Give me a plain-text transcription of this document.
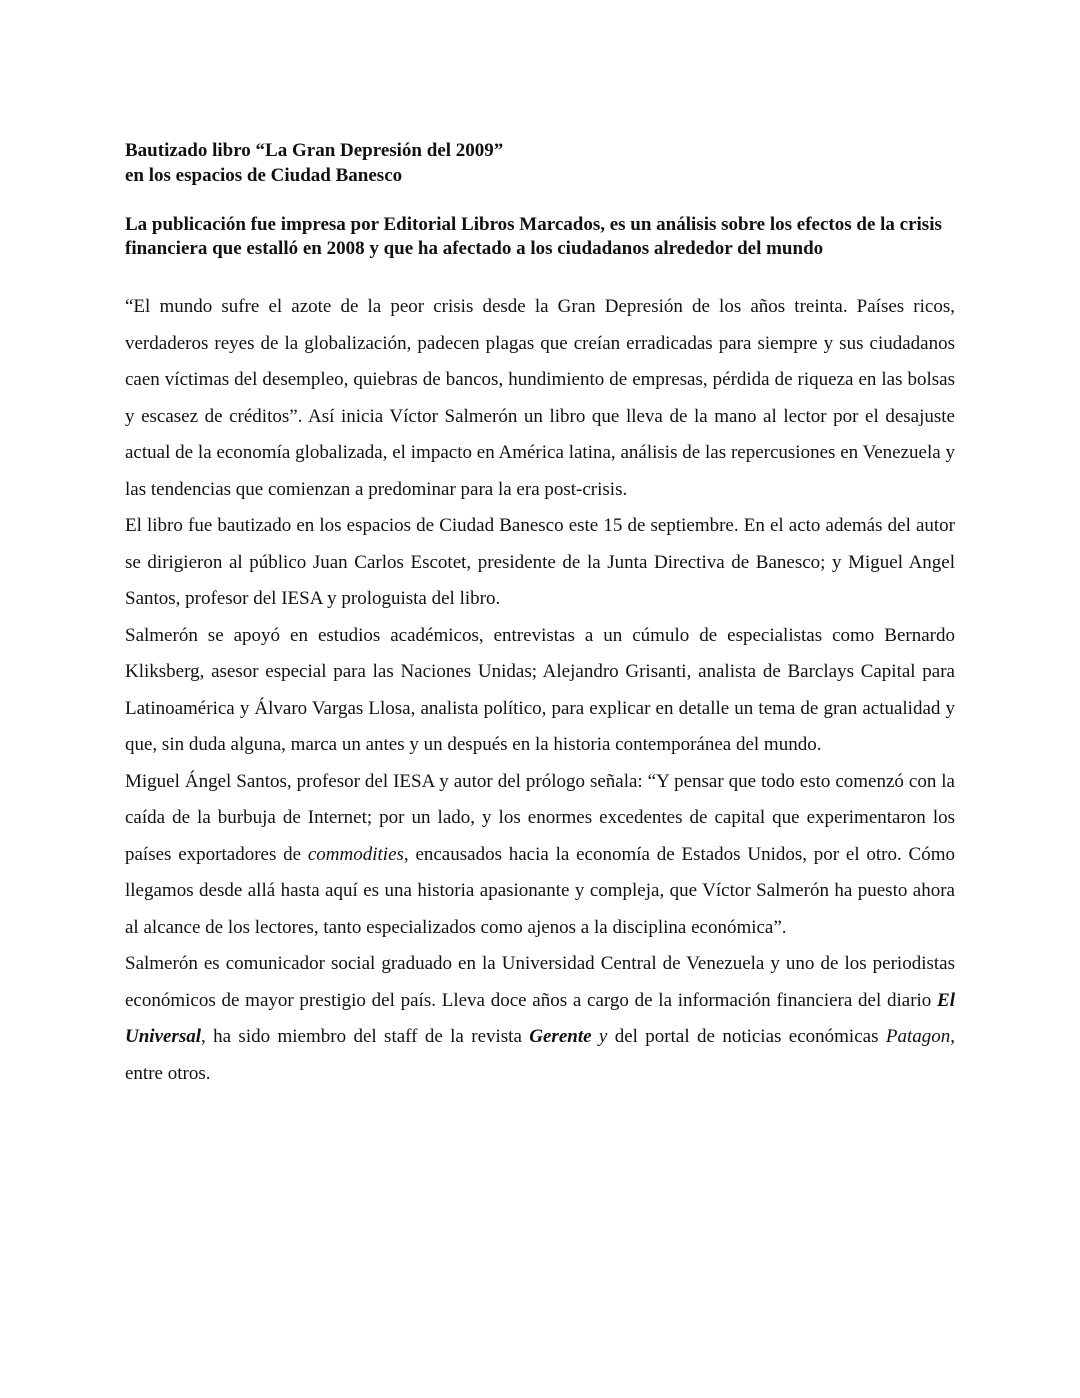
Bautizado libro “La Gran Depresión del 2009”
en los espacios de Ciudad Banesco

La publicación fue impresa por Editorial Libros Marcados, es un análisis sobre los efectos de la crisis financiera que estalló en 2008 y que ha afectado a los ciudadanos alrededor del mundo

“El mundo sufre el azote de la peor crisis desde la Gran Depresión de los años treinta. Países ricos, verdaderos reyes de la globalización, padecen plagas que creían erradicadas para siempre y sus ciudadanos caen víctimas del desempleo, quiebras de bancos, hundimiento de empresas, pérdida de riqueza en las bolsas y escasez de créditos”. Así inicia Víctor Salmerón un libro que lleva de la mano al lector por el desajuste actual de la economía globalizada, el impacto en América latina, análisis de las repercusiones en Venezuela y las tendencias que comienzan a predominar para la era post-crisis.

El libro fue bautizado en los espacios de Ciudad Banesco este 15 de septiembre. En el acto además del autor se dirigieron al público Juan Carlos Escotet, presidente de la Junta Directiva de Banesco; y Miguel Angel Santos, profesor del IESA y prologuista del libro.

Salmerón se apoyó en estudios académicos, entrevistas a un cúmulo de especialistas como Bernardo Kliksberg, asesor especial para las Naciones Unidas; Alejandro Grisanti, analista de Barclays Capital para Latinoamérica y Álvaro Vargas Llosa, analista político, para explicar en detalle un tema de gran actualidad y que, sin duda alguna, marca un antes y un después en la historia contemporánea del mundo.

Miguel Ángel Santos, profesor del IESA y autor del prólogo señala: “Y pensar que todo esto comenzó con la caída de la burbuja de Internet; por un lado, y los enormes excedentes de capital que experimentaron los países exportadores de commodities, encausados hacia la economía de Estados Unidos, por el otro. Cómo llegamos desde allá hasta aquí es una historia apasionante y compleja, que Víctor Salmerón ha puesto ahora al alcance de los lectores, tanto especializados como ajenos a la disciplina económica”.

Salmerón es comunicador social graduado en la Universidad Central de Venezuela y uno de los periodistas económicos de mayor prestigio del país. Lleva doce años a cargo de la información financiera del diario El Universal, ha sido miembro del staff de la revista Gerente y del portal de noticias económicas Patagon, entre otros.
